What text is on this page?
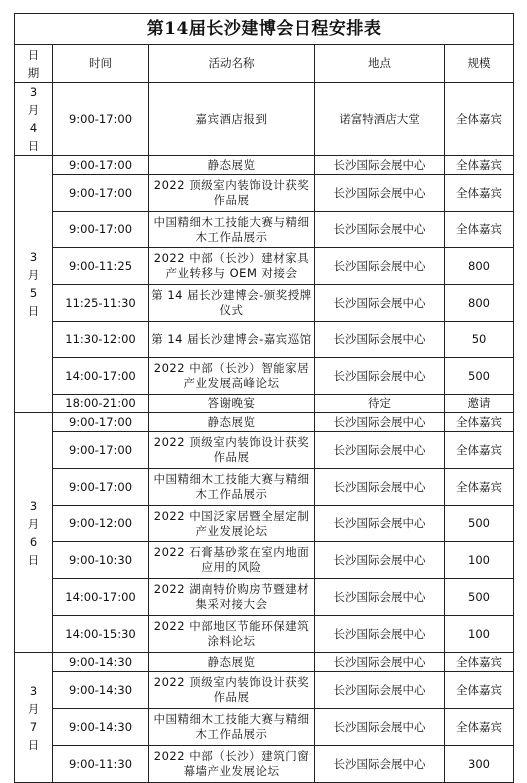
第14届长沙建博会日程安排表				
日期	时间	活动名称	地点	规模
3月4日	9:00-17:00	嘉宾酒店报到	诺富特酒店大堂	全体嘉宾
3月5日	9:00-17:00	静态展览	长沙国际会展中心	全体嘉宾
	9:00-17:00	2022 顶级室内装饰设计获奖作品展	长沙国际会展中心	全体嘉宾
	9:00-17:00	中国精细木工技能大赛与精细木工作品展示	长沙国际会展中心	全体嘉宾
	9:00-11:25	2022 中部（长沙）建材家具产业转移与 OEM 对接会	长沙国际会展中心	800
	11:25-11:30	第 14 届长沙建博会-颁奖授牌仪式	长沙国际会展中心	800
	11:30-12:00	第 14 届长沙建博会-嘉宾巡馆	长沙国际会展中心	50
	14:00-17:00	2022 中部（长沙）智能家居产业发展高峰论坛	长沙国际会展中心	500
	18:00-21:00	答谢晚宴	待定	邀请
3月6日	9:00-17:00	静态展览	长沙国际会展中心	全体嘉宾
	9:00-17:00	2022 顶级室内装饰设计获奖作品展	长沙国际会展中心	全体嘉宾
	9:00-17:00	中国精细木工技能大赛与精细木工作品展示	长沙国际会展中心	全体嘉宾
	9:00-12:00	2022 中国泛家居暨全屋定制产业发展论坛	长沙国际会展中心	500
	9:00-10:30	2022 石膏基砂浆在室内地面应用的风险	长沙国际会展中心	100
	14:00-17:00	2022 湖南特价购房节暨建材集采对接大会	长沙国际会展中心	500
	14:00-15:30	2022 中部地区节能环保建筑涂料论坛	长沙国际会展中心	100
3月7日	9:00-14:30	静态展览	长沙国际会展中心	全体嘉宾
	9:00-14:30	2022 顶级室内装饰设计获奖作品展	长沙国际会展中心	全体嘉宾
	9:00-14:30	中国精细木工技能大赛与精细木工作品展示	长沙国际会展中心	全体嘉宾
	9:00-11:30	2022 中部（长沙）建筑门窗幕墙产业发展论坛	长沙国际会展中心	300
